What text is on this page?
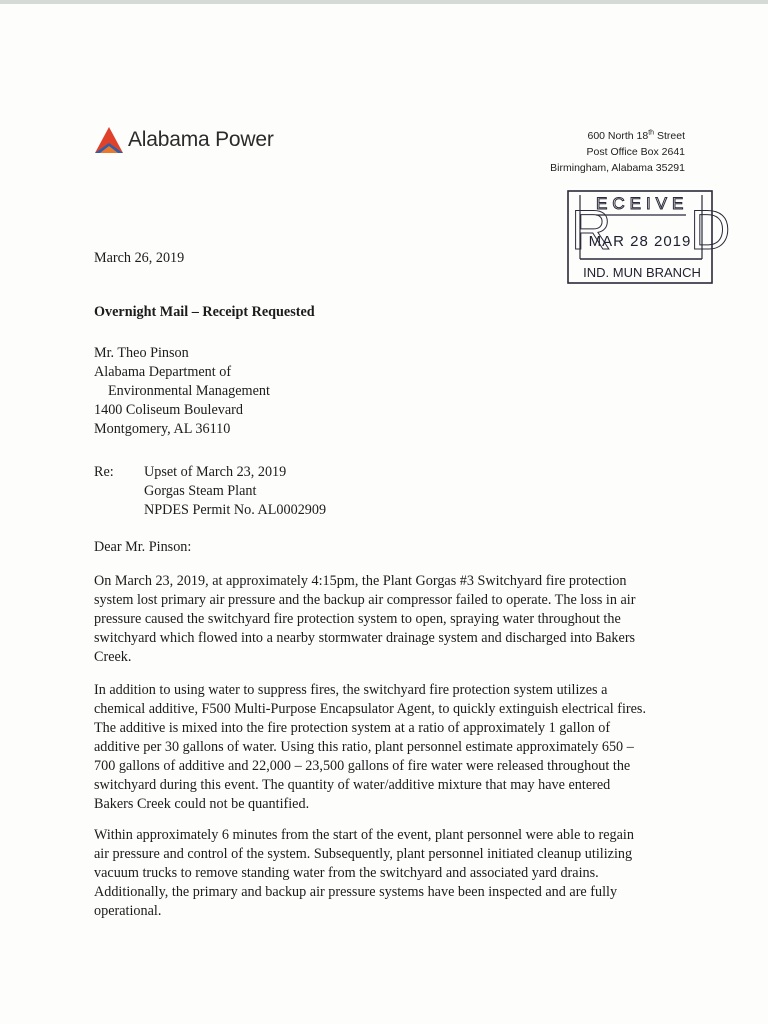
Alabama Power	600 North 18th Street
Post Office Box 2641
Birmingham, Alabama 35291
R D
ECEIVE
MAR 28 2019
IND. MUN BRANCH
March 26, 2019
Overnight Mail – Receipt Requested
Mr. Theo Pinson
Alabama Department of
Environmental Management
1400 Coliseum Boulevard
Montgomery, AL 36110
Re:	Upset of March 23, 2019
Gorgas Steam Plant
NPDES Permit No. AL0002909
Dear Mr. Pinson:
On March 23, 2019, at approximately 4:15pm, the Plant Gorgas #3 Switchyard fire protection
system lost primary air pressure and the backup air compressor failed to operate. The loss in air
pressure caused the switchyard fire protection system to open, spraying water throughout the
switchyard which flowed into a nearby stormwater drainage system and discharged into Bakers
Creek.
In addition to using water to suppress fires, the switchyard fire protection system utilizes a
chemical additive, F500 Multi-Purpose Encapsulator Agent, to quickly extinguish electrical fires.
The additive is mixed into the fire protection system at a ratio of approximately 1 gallon of
additive per 30 gallons of water. Using this ratio, plant personnel estimate approximately 650 –
700 gallons of additive and 22,000 – 23,500 gallons of fire water were released throughout the
switchyard during this event. The quantity of water/additive mixture that may have entered
Bakers Creek could not be quantified.
Within approximately 6 minutes from the start of the event, plant personnel were able to regain
air pressure and control of the system. Subsequently, plant personnel initiated cleanup utilizing
vacuum trucks to remove standing water from the switchyard and associated yard drains.
Additionally, the primary and backup air pressure systems have been inspected and are fully
operational.
